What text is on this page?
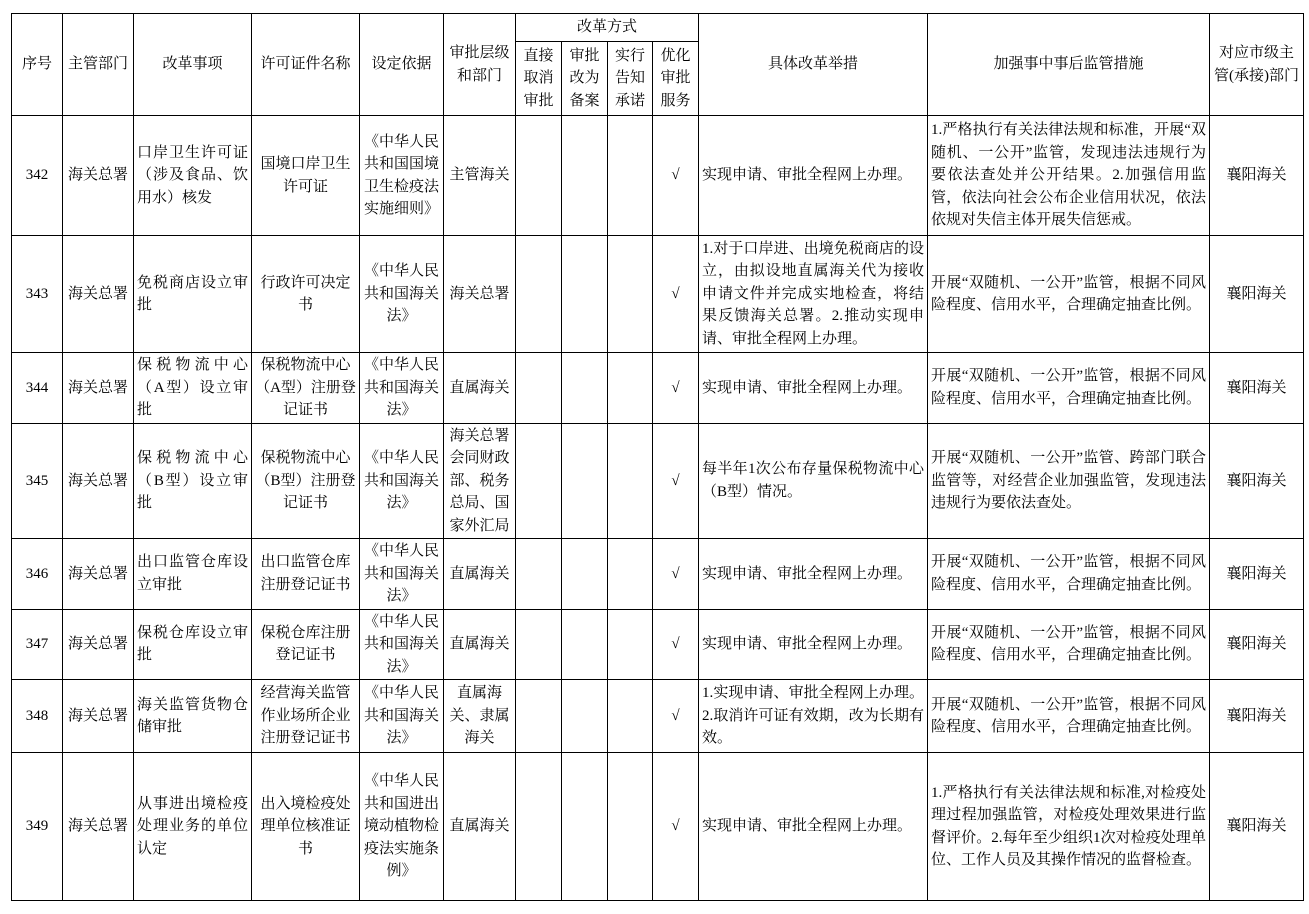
序号	主管部门	改革事项	许可证件名称	设定依据	审批层级和部门	改革方式				具体改革举措	加强事中事后监管措施	对应市级主管(承接)部门
						直接取消审批	审批改为备案	实行告知承诺	优化审批服务			
342	海关总署	口岸卫生许可证（涉及食品、饮用水）核发	国境口岸卫生许可证	《中华人民共和国国境卫生检疫法实施细则》	主管海关				√	实现申请、审批全程网上办理。	1.严格执行有关法律法规和标准，开展“双随机、一公开”监管，发现违法违规行为要依法查处并公开结果。2.加强信用监管，依法向社会公布企业信用状况，依法依规对失信主体开展失信惩戒。	襄阳海关
343	海关总署	免税商店设立审批	行政许可决定书	《中华人民共和国海关法》	海关总署				√	1.对于口岸进、出境免税商店的设立，由拟设地直属海关代为接收申请文件并完成实地检查，将结果反馈海关总署。2.推动实现申请、审批全程网上办理。	开展“双随机、一公开”监管，根据不同风险程度、信用水平，合理确定抽查比例。	襄阳海关
344	海关总署	保税物流中心（A型）设立审批	保税物流中心（A型）注册登记证书	《中华人民共和国海关法》	直属海关				√	实现申请、审批全程网上办理。	开展“双随机、一公开”监管，根据不同风险程度、信用水平，合理确定抽查比例。	襄阳海关
345	海关总署	保税物流中心（B型）设立审批	保税物流中心（B型）注册登记证书	《中华人民共和国海关法》	海关总署会同财政部、税务总局、国家外汇局				√	每半年1次公布存量保税物流中心（B型）情况。	开展“双随机、一公开”监管、跨部门联合监管等，对经营企业加强监管，发现违法违规行为要依法查处。	襄阳海关
346	海关总署	出口监管仓库设立审批	出口监管仓库注册登记证书	《中华人民共和国海关法》	直属海关				√	实现申请、审批全程网上办理。	开展“双随机、一公开”监管，根据不同风险程度、信用水平，合理确定抽查比例。	襄阳海关
347	海关总署	保税仓库设立审批	保税仓库注册登记证书	《中华人民共和国海关法》	直属海关				√	实现申请、审批全程网上办理。	开展“双随机、一公开”监管，根据不同风险程度、信用水平，合理确定抽查比例。	襄阳海关
348	海关总署	海关监管货物仓储审批	经营海关监管作业场所企业注册登记证书	《中华人民共和国海关法》	直属海关、隶属海关				√	1.实现申请、审批全程网上办理。2.取消许可证有效期，改为长期有效。	开展“双随机、一公开”监管，根据不同风险程度、信用水平，合理确定抽查比例。	襄阳海关
349	海关总署	从事进出境检疫处理业务的单位认定	出入境检疫处理单位核准证书	《中华人民共和国进出境动植物检疫法实施条例》	直属海关				√	实现申请、审批全程网上办理。	1.严格执行有关法律法规和标准,对检疫处理过程加强监管，对检疫处理效果进行监督评价。2.每年至少组织1次对检疫处理单位、工作人员及其操作情况的监督检查。	襄阳海关
